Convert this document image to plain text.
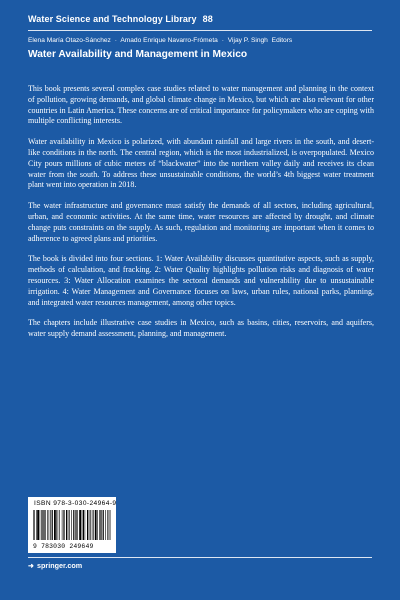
Water Science and Technology Library 88
Elena María Otazo-Sánchez · Amado Enrique Navarro-Frómeta · Vijay P. Singh Editors
Water Availability and Management in Mexico

This book presents several complex case studies related to water management and planning in the context of pollution, growing demands, and global climate change in Mexico, but which are also relevant for other countries in Latin America. These concerns are of critical importance for policymakers who are coping with multiple conflicting interests.

Water availability in Mexico is polarized, with abundant rainfall and large rivers in the south, and desert-like conditions in the north. The central region, which is the most industrialized, is overpopulated. Mexico City pours millions of cubic meters of “blackwater” into the northern valley daily and receives its clean water from the south. To address these unsustainable conditions, the world’s 4th biggest water treatment plant went into operation in 2018.

The water infrastructure and governance must satisfy the demands of all sectors, including agricultural, urban, and economic activities. At the same time, water resources are affected by drought, and climate change puts constraints on the supply. As such, regulation and monitoring are important when it comes to adherence to agreed plans and priorities.

The book is divided into four sections. 1: Water Availability discusses quantitative aspects, such as supply, methods of calculation, and fracking. 2: Water Quality highlights pollution risks and diagnosis of water resources. 3: Water Allocation examines the sectoral demands and vulnerability due to unsustainable irrigation. 4: Water Management and Governance focuses on laws, urban rules, national parks, planning, and integrated water resources management, among other topics.

The chapters include illustrative case studies in Mexico, such as basins, cities, reservoirs, and aquifers, water supply demand assessment, planning, and management.

ISBN 978-3-030-24964-9
9 783030 249649
➜ springer.com
